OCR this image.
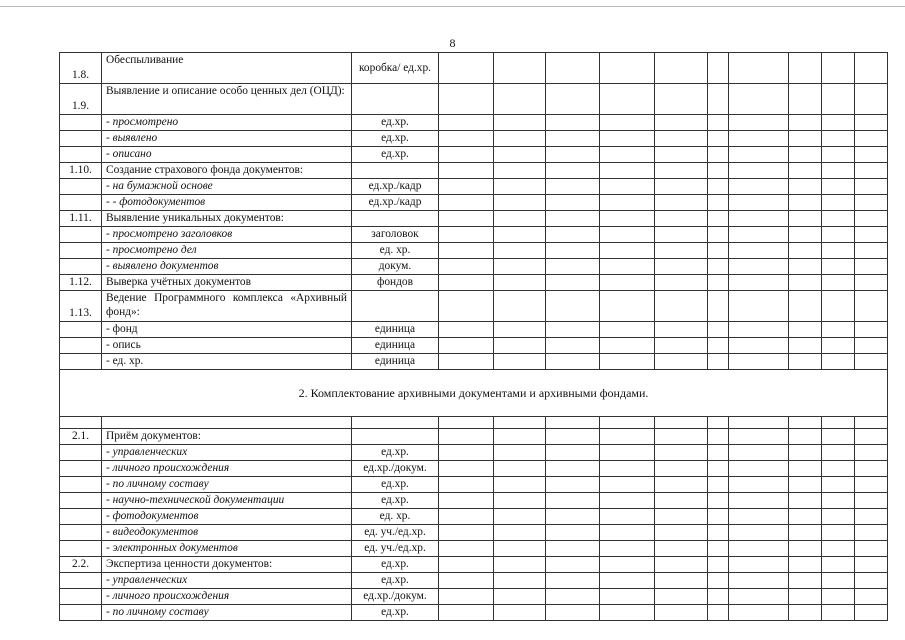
8
1.8.	Обеспыливание	коробка/ ед.хр.										
1.9.	Выявление и описание особо ценных дел (ОЦД):											
	- просмотрено	ед.хр.										
	- выявлено	ед.хр.										
	- описано	ед.хр.										
1.10.	Создание страхового фонда документов:											
	- на бумажной основе	ед.хр./кадр										
	- - фотодокументов	ед.хр./кадр										
1.11.	Выявление уникальных документов:											
	- просмотрено заголовков	заголовок										
	- просмотрено дел	ед. хр.										
	- выявлено документов	докум.										
1.12.	Выверка учётных документов	фондов										
1.13.	Ведение Программного комплекса «Архивный фонд»:											
	- фонд	единица										
	- опись	единица										
	- ед. хр.	единица										
2. Комплектование архивными документами и архивными фондами.												

2.1.	Приём документов:											
	- управленческих	ед.хр.										
	- личного происхождения	ед.хр./докум.										
	- по личному составу	ед.хр.										
	- научно-технической документации	ед.хр.										
	- фотодокументов	ед. хр.										
	- видеодокументов	ед. уч./ед.хр.										
	- электронных документов	ед. уч./ед.хр.										
2.2.	Экспертиза ценности документов:	ед.хр.										
	- управленческих	ед.хр.										
	- личного происхождения	ед.хр./докум.										
	- по личному составу	ед.хр.										
